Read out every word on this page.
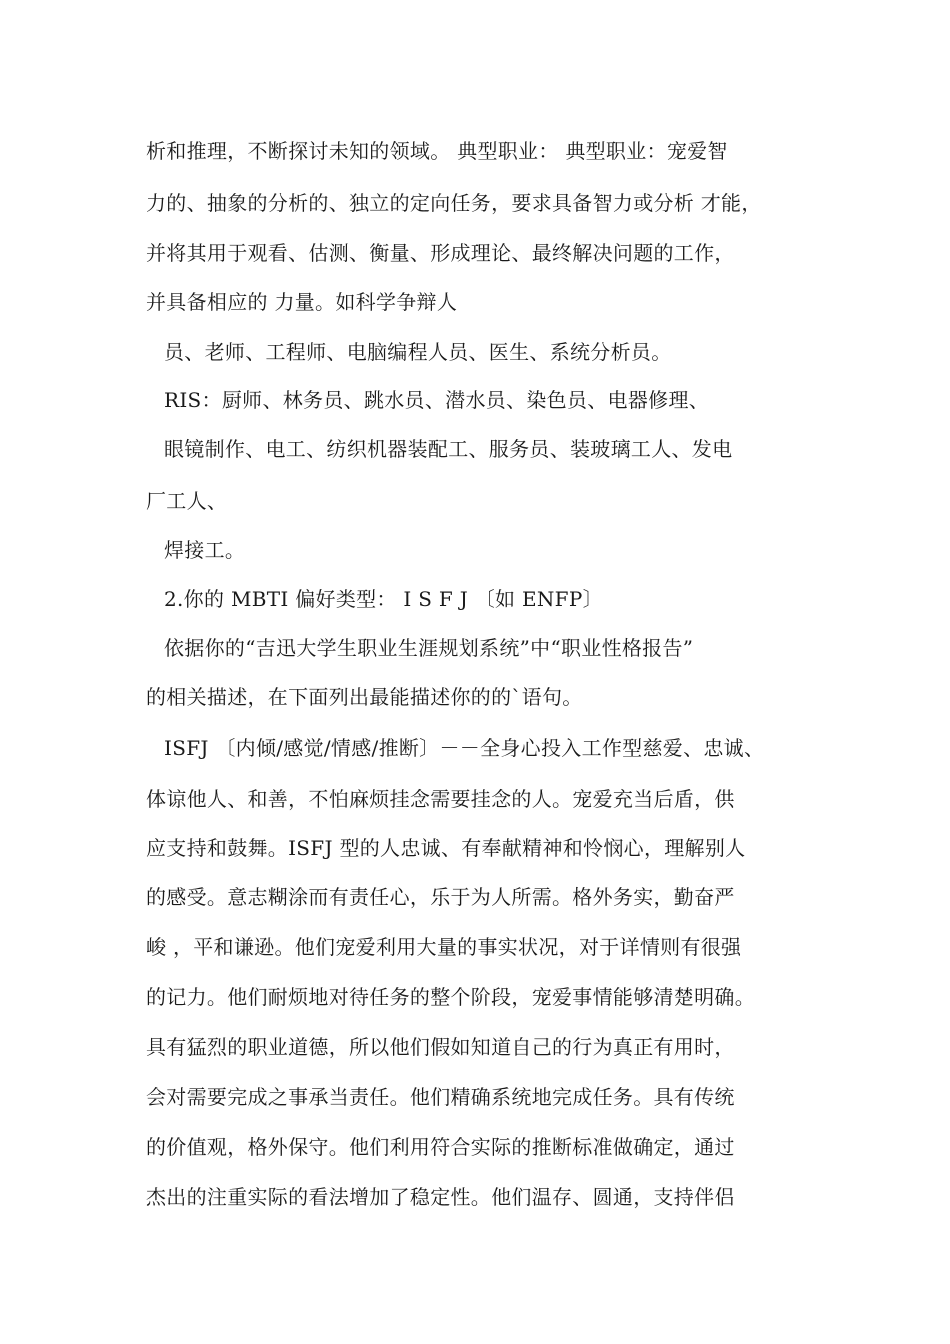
析和推理，不断探讨未知的领域。 典型职业： 典型职业：宠爱智
力的、抽象的分析的、独立的定向任务，要求具备智力或分析 才能，
并将其用于观看、估测、衡量、形成理论、最终解决问题的工作，
并具备相应的 力量。如科学争辩人
员、老师、工程师、电脑编程人员、医生、系统分析员。
RIS：厨师、林务员、跳水员、潜水员、染色员、电器修理、
眼镜制作、电工、纺织机器装配工、服务员、装玻璃工人、发电
厂工人、
焊接工。
2.你的 MBTI 偏好类型： I S F J 〔如 ENFP〕
依据你的“吉迅大学生职业生涯规划系统”中“职业性格报告”
的相关描述，在下面列出最能描述你的的`语句。
ISFJ 〔内倾/感觉/情感/推断〕－－全身心投入工作型慈爱、忠诚、
体谅他人、和善，不怕麻烦挂念需要挂念的人。宠爱充当后盾，供
应支持和鼓舞。ISFJ 型的人忠诚、有奉献精神和怜悯心，理解别人
的感受。意志糊涂而有责任心，乐于为人所需。格外务实，勤奋严
峻 ，平和谦逊。他们宠爱利用大量的事实状况，对于详情则有很强
的记力。他们耐烦地对待任务的整个阶段，宠爱事情能够清楚明确。
具有猛烈的职业道德，所以他们假如知道自己的行为真正有用时，
会对需要完成之事承当责任。他们精确系统地完成任务。具有传统
的价值观，格外保守。他们利用符合实际的推断标准做确定，通过
杰出的注重实际的看法增加了稳定性。他们温存、圆通，支持伴侣
